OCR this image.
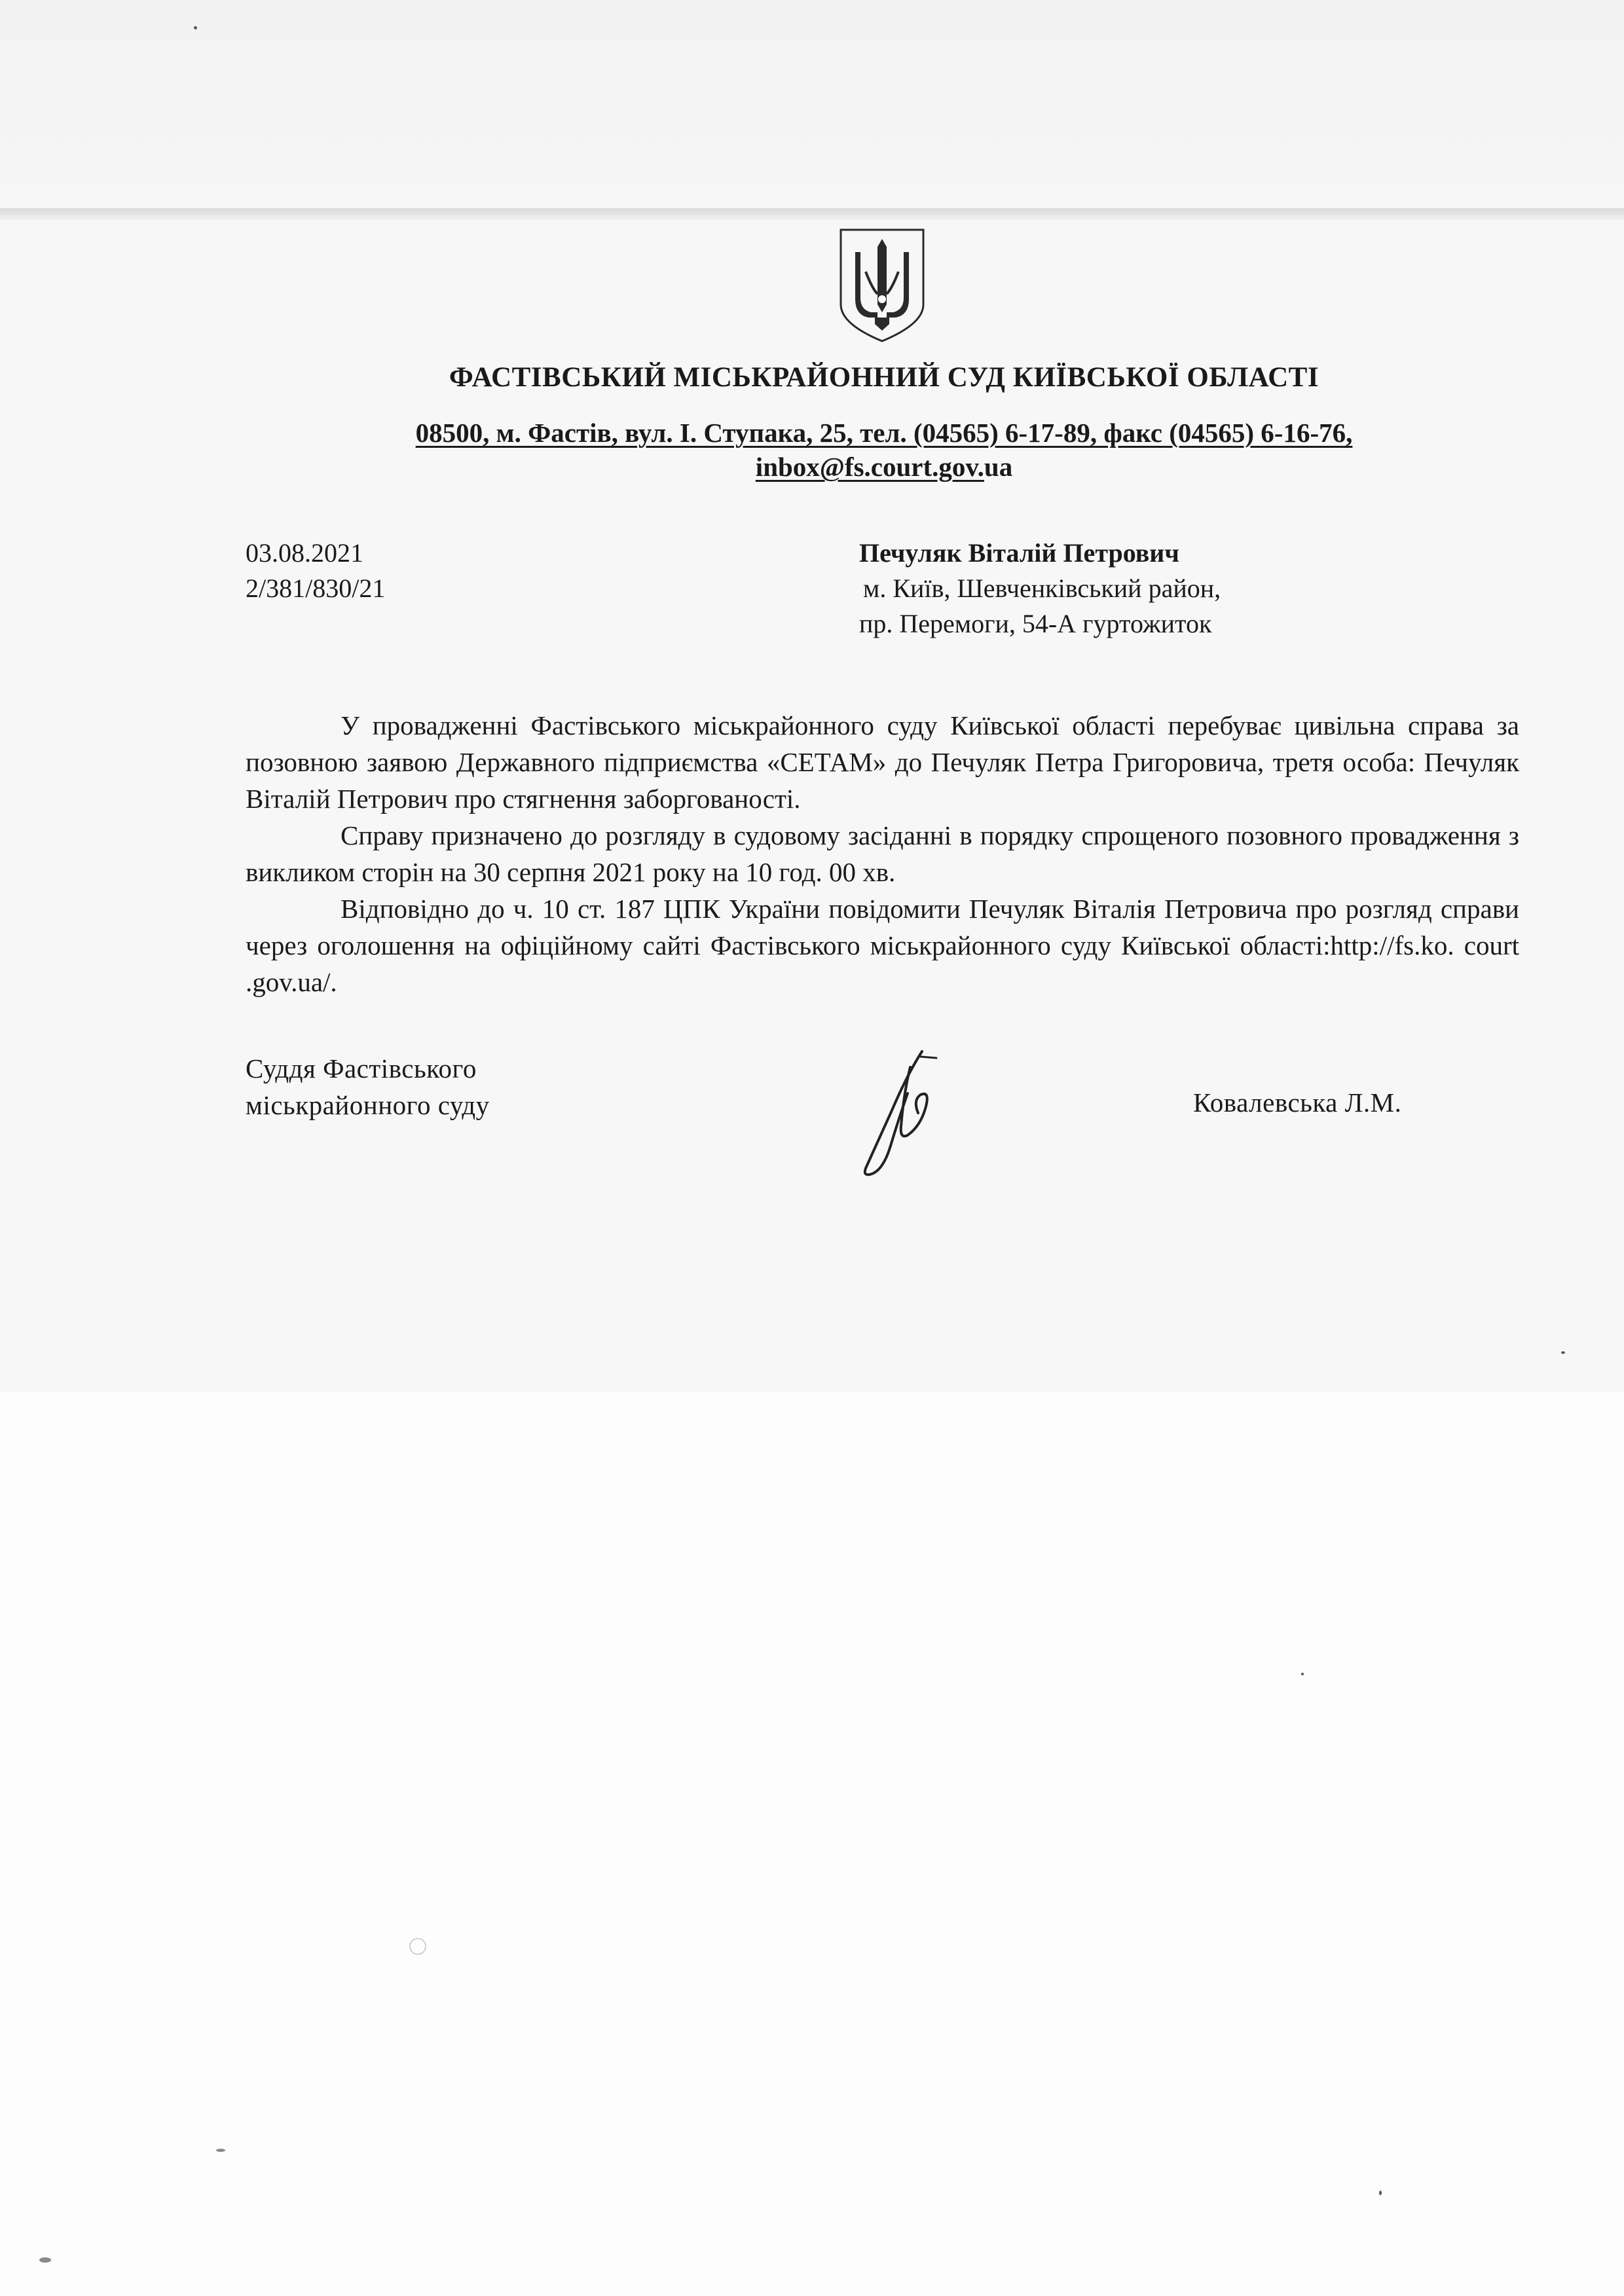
ФАСТІВСЬКИЙ МІСЬКРАЙОННИЙ СУД КИЇВСЬКОЇ ОБЛАСТІ
08500, м. Фастів, вул. І. Ступака, 25, тел. (04565) 6-17-89, факс (04565) 6-16-76,
inbox@fs.court.gov.ua
03.08.2021
2/381/830/21
Печуляк Віталій Петрович
м. Київ, Шевченківський район,
пр. Перемоги, 54-А гуртожиток

У провадженні Фастівського міськрайонного суду Київської області перебуває цивільна справа за позовною заявою Державного підприємства «СЕТАМ» до Печуляк Петра Григоровича, третя особа: Печуляк Віталій Петрович про стягнення заборгованості.

Справу призначено до розгляду в судовому засіданні в порядку спрощеного позовного провадження з викликом сторін на 30 серпня 2021 року на 10 год. 00 хв.

Відповідно до ч. 10 ст. 187 ЦПК України повідомити Печуляк Віталія Петровича про розгляд справи через оголошення на офіційному сайті Фастівського міськрайонного суду Київської області:http://fs.ko. court .gov.ua/.

Суддя Фастівського
міськрайонного суду	Ковалевська Л.М.
